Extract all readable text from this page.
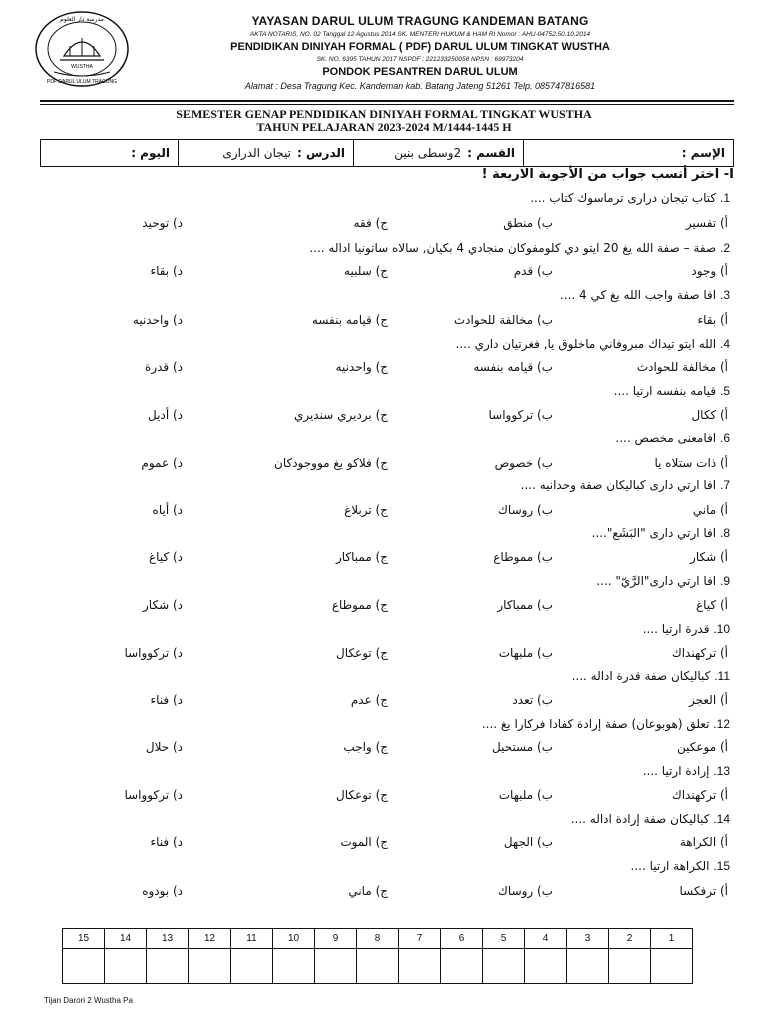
مدرسة دار العلوم
WUSTHA
PDF DARUL ULUM TRAGUNG
YAYASAN DARUL ULUM TRAGUNG KANDEMAN BATANG
AKTA NOTARIS, NO. 02 Tanggal 12 Agustus 2014 SK. MENTERI HUKUM & HAM RI Nomor : AHU-04752.50.10.2014
PENDIDIKAN DINIYAH FORMAL ( PDF) DARUL ULUM TINGKAT WUSTHA
SK. NO. 6395 TAHUN 2017 NSPDF : 221233250058 NPSN : 69973204
PONDOK PESANTREN DARUL ULUM
Alamat : Desa Tragung Kec. Kandeman kab. Batang Jateng 51261 Telp. 085747816581
SEMESTER GENAP PENDIDIKAN DINIYAH FORMAL TINGKAT WUSTHA
TAHUN PELAJARAN 2023-2024 M/1444-1445 H
الإسم :
القسم :
2وسطى بنين
الدرس :
تيجان الدرارى
اليوم :
I- اختر أنسب جواب من الأجوبة الاربعة !
1. كتاب تيجان درارى ترماسوك كتاب ....
أ) تفسير
ب) منطق
ج) فقه
د) توحيد
2. صفة – صفة الله يغ 20 ايتو دي كلومفوكان منجادي 4 بكيان, سالاه ساتونيا اداله ....
أ) وجود
ب) قدم
ج) سلبيه
د) بقاء
3. افا صفة واجب الله يغ كي 4 ....
أ) بقاء
ب) مخالفة للحوادث
ج) قيامه بنفسه
د) واحدنيه
4. الله ايتو تيداك مبروفاني ماخلوق يا, فغرتيان داري ....
أ) مخالفة للحوادث
ب) قيامه بنفسه
ج) واحدنيه
د) قدرة
5. قيامه بنفسه ارتيا ....
أ) ككال
ب) تركوواسا
ج) برديري سنديري
د) أديل
6. افامعنى مخصص ....
أ) ذات ستلاه يا
ب) خصوص
ج) فلاكو يغ مووجودكان
د) عموم
7. افا ارتي دارى كباليكان صفة وحدانيه ....
أ) ماني
ب) روساك
ج) تربلاغ
د) أياه
8. افا ارتي دارى "البَشَع"....
أ) شكار
ب) مموطاع
ج) ممباكار
د) كياغ
9. افا ارتي دارى"الرَّيّ" ....
أ) كياغ
ب) ممباكار
ج) مموطاع
د) شكار
10. قدرة ارتيا ....
أ) تركهنداك
ب) ملبهات
ج) توعكال
د) تركوواسا
11. كباليكان صفة قدرة اداله ....
أ) العجز
ب) تعدد
ج) عدم
د) فناء
12. تعلق (هوبوعان) صفة إرادة كفادا فركارا يغ ....
أ) موعكين
ب) مستحيل
ج) واجب
د) حلال
13. إرادة ارتيا ....
أ) تركهنداك
ب) ملبهات
ج) توعكال
د) تركوواسا
14. كباليكان صفة إرادة اداله ....
أ) الكراهة
ب) الجهل
ج) الموت
د) فناء
15. الكراهة ارتيا ....
أ) ترفكسا
ب) روساك
ج) ماني
د) بودوه
15	14	13	12	11	10	9	8	7	6	5	4	3	2	1

Tijan Darori 2 Wustha Pa
